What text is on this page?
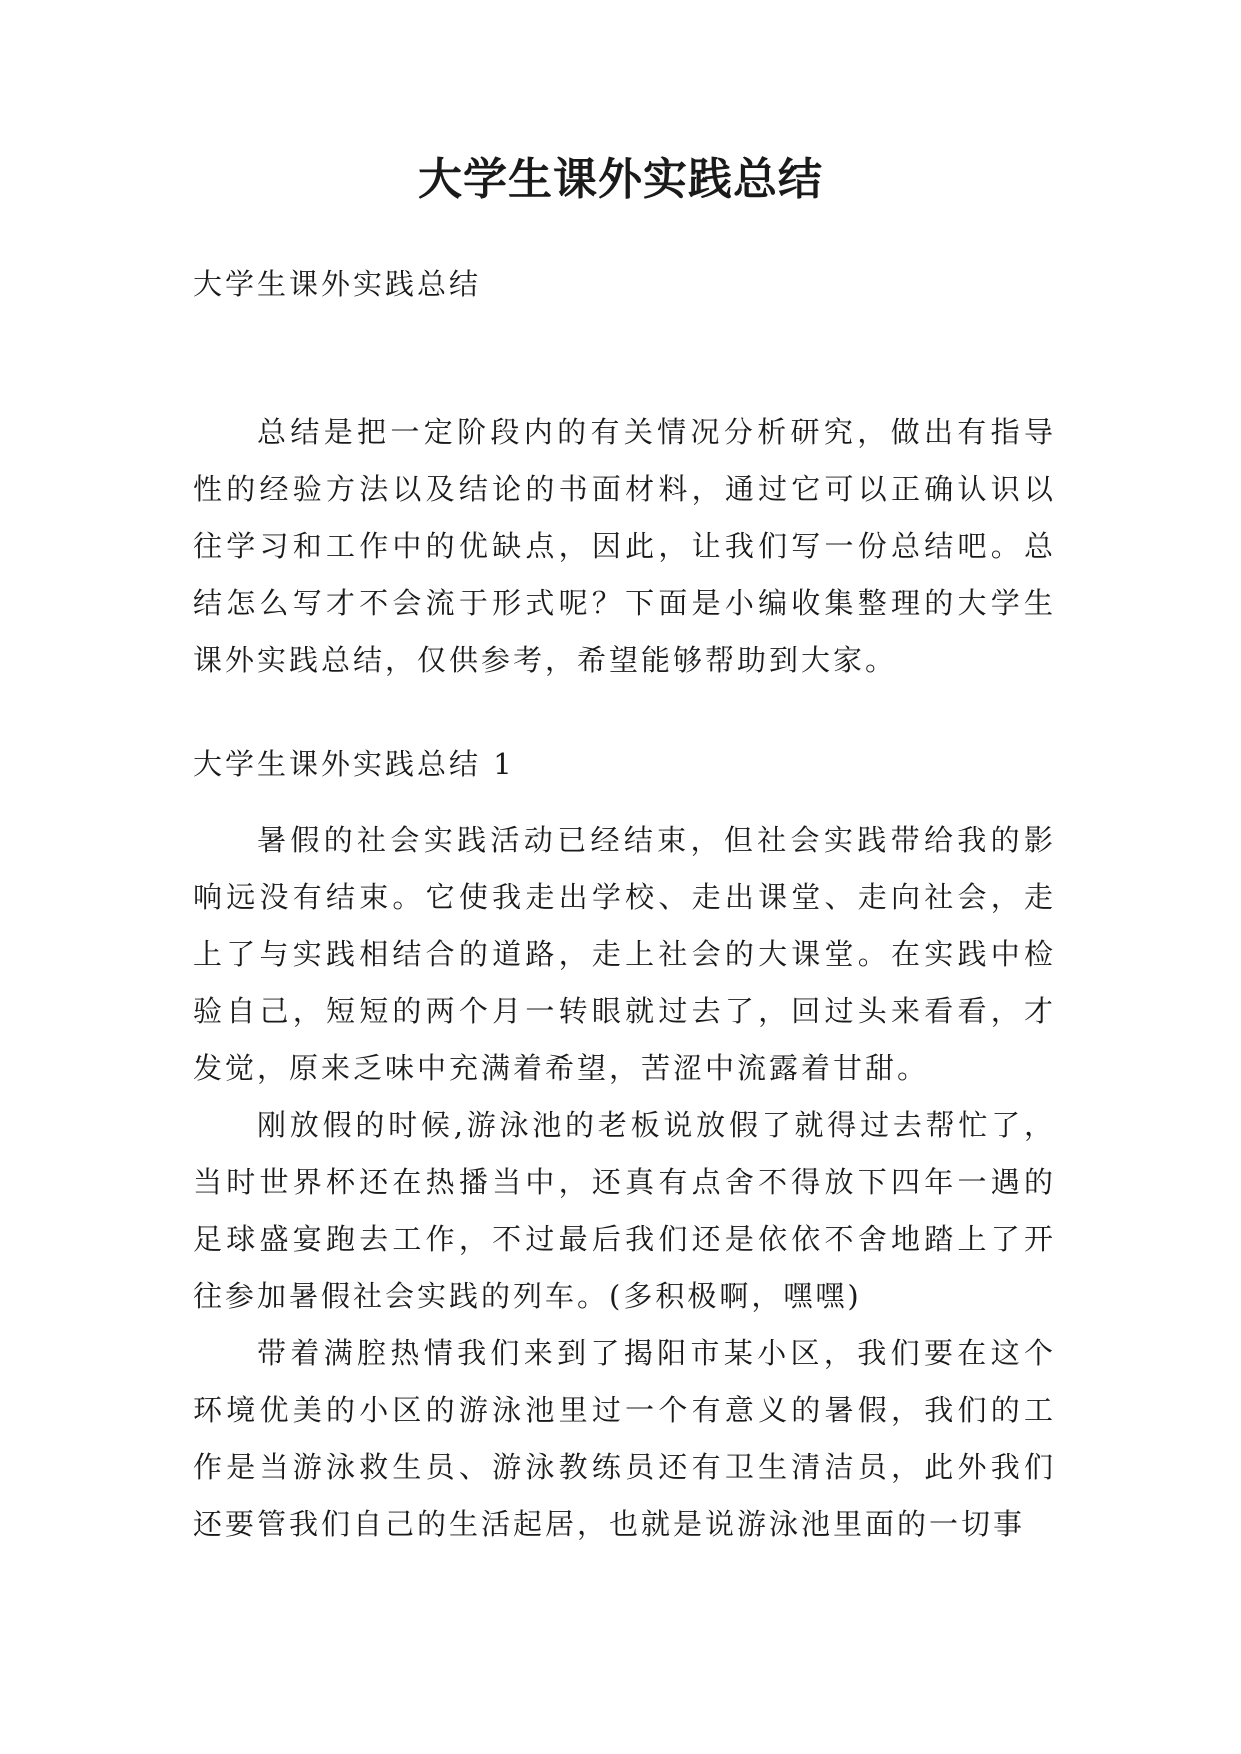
大学生课外实践总结

大学生课外实践总结

总结是把一定阶段内的有关情况分析研究，做出有指导性的经验方法以及结论的书面材料，通过它可以正确认识以往学习和工作中的优缺点，因此，让我们写一份总结吧。总结怎么写才不会流于形式呢？下面是小编收集整理的大学生课外实践总结，仅供参考，希望能够帮助到大家。

大学生课外实践总结 1

暑假的社会实践活动已经结束，但社会实践带给我的影响远没有结束。它使我走出学校、走出课堂、走向社会，走上了与实践相结合的道路，走上社会的大课堂。在实践中检验自己，短短的两个月一转眼就过去了，回过头来看看，才发觉，原来乏味中充满着希望，苦涩中流露着甘甜。

刚放假的时候,游泳池的老板说放假了就得过去帮忙了，当时世界杯还在热播当中，还真有点舍不得放下四年一遇的足球盛宴跑去工作，不过最后我们还是依依不舍地踏上了开往参加暑假社会实践的列车。(多积极啊，嘿嘿)

带着满腔热情我们来到了揭阳市某小区，我们要在这个环境优美的小区的游泳池里过一个有意义的暑假，我们的工作是当游泳救生员、游泳教练员还有卫生清洁员，此外我们还要管我们自己的生活起居，也就是说游泳池里面的一切事
